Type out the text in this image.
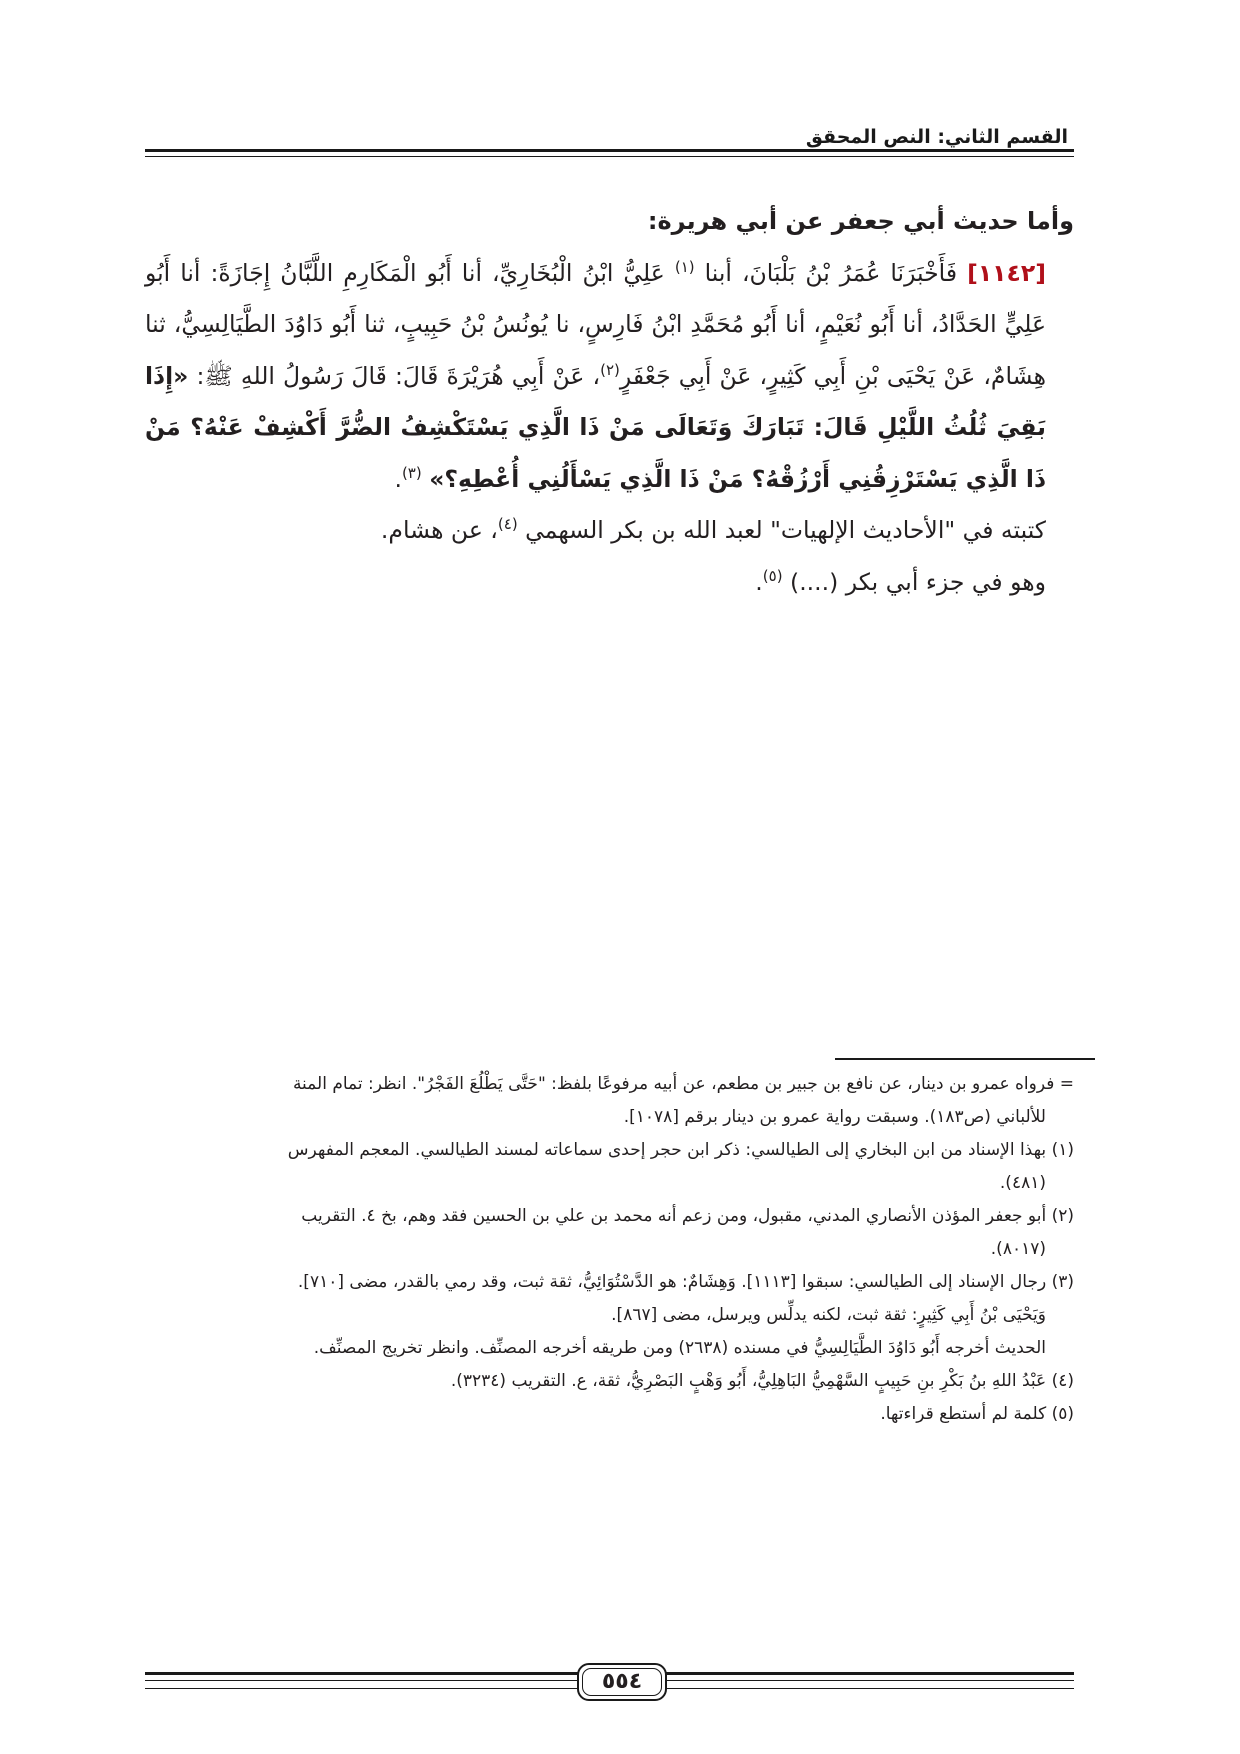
القسم الثاني: النص المحقق

وأما حديث أبي جعفر عن أبي هريرة:

[١١٤٢] فَأَخْبَرَنَا عُمَرُ بْنُ بَلْبَانَ، أبنا $^{(١)}$ عَلِيُّ ابْنُ الْبُخَارِيِّ، أنا أَبُو الْمَكَارِمِ اللَّبَّانُ إِجَازَةً: أنا أَبُو عَلِيٍّ الحَدَّادُ، أنا أَبُو نُعَيْمٍ، أنا أَبُو مُحَمَّدِ ابْنُ فَارِسٍ، نا يُونُسُ بْنُ حَبِيبٍ، ثنا أَبُو دَاوُدَ الطَّيَالِسِيُّ، ثنا هِشَامٌ، عَنْ يَحْيَى بْنِ أَبِي كَثِيرٍ، عَنْ أَبِي جَعْفَرٍ$^{(٢)}$، عَنْ أَبِي هُرَيْرَةَ قَالَ: قَالَ رَسُولُ اللهِ ﷺ: «إِذَا بَقِيَ ثُلُثُ اللَّيْلِ قَالَ: تَبَارَكَ وَتَعَالَى مَنْ ذَا الَّذِي يَسْتَكْشِفُ الضُّرَّ أَكْشِفْ عَنْهُ؟ مَنْ ذَا الَّذِي يَسْتَرْزِقُنِي أَرْزُقْهُ؟ مَنْ ذَا الَّذِي يَسْأَلُنِي أُعْطِهِ؟» $^{(٣)}$.

كتبته في "الأحاديث الإلهيات" لعبد الله بن بكر السهمي $^{(٤)}$، عن هشام.

وهو في جزء أبي بكر (....) $^{(٥)}$.

= فرواه عمرو بن دينار، عن نافع بن جبير بن مطعم، عن أبيه مرفوعًا بلفظ: "حَتَّى يَطْلُعَ الفَجْرُ". انظر: تمام المنة

للألباني (ص١٨٣). وسبقت رواية عمرو بن دينار برقم [١٠٧٨].

(١) بهذا الإسناد من ابن البخاري إلى الطيالسي: ذكر ابن حجر إحدى سماعاته لمسند الطيالسي. المعجم المفهرس

(٤٨١).

(٢) أبو جعفر المؤذن الأنصاري المدني، مقبول، ومن زعم أنه محمد بن علي بن الحسين فقد وهم، بخ ٤. التقريب

(٨٠١٧).

(٣) رجال الإسناد إلى الطيالسي: سبقوا [١١١٣]. وَهِشَامٌ: هو الدَّسْتُوَائِيُّ، ثقة ثبت، وقد رمي بالقدر، مضى [٧١٠].

وَيَحْيَى بْنُ أَبِي كَثِيرٍ: ثقة ثبت، لكنه يدلِّس ويرسل، مضى [٨٦٧].

الحديث أخرجه أَبُو دَاوُدَ الطَّيَالِسِيُّ في مسنده (٢٦٣٨) ومن طريقه أخرجه المصنِّف. وانظر تخريج المصنِّف.

(٤) عَبْدُ اللهِ بنُ بَكْرِ بنِ حَبِيبٍ السَّهْمِيُّ البَاهِلِيُّ، أَبُو وَهْبٍ البَصْرِيُّ، ثقة، ع. التقريب (٣٢٣٤).

(٥) كلمة لم أستطع قراءتها.

٥٥٤
